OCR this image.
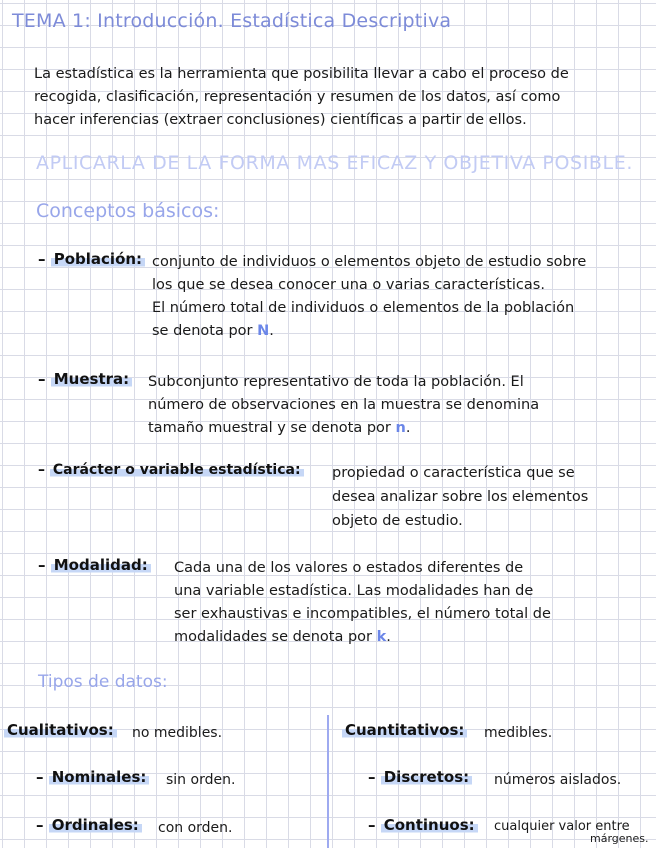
TEMA 1: Introducción. Estadística Descriptiva
La estadística es la herramienta que posibilita llevar a cabo el proceso de
recogida, clasificación, representación y resumen de los datos, así como
hacer inferencias (extraer conclusiones) científicas a partir de ellos.
APLICARLA DE LA FORMA MAS EFICAZ Y OBJETIVA POSIBLE.
Conceptos básicos:
– Población: conjunto de individuos o elementos objeto de estudio sobre
los que se desea conocer una o varias características.
El número total de individuos o elementos de la población
se denota por N.
– Muestra: Subconjunto representativo de toda la población. El
número de observaciones en la muestra se denomina
tamaño muestral y se denota por n.
– Carácter o variable estadística: propiedad o característica que se
desea analizar sobre los elementos
objeto de estudio.
– Modalidad: Cada una de los valores o estados diferentes de
una variable estadística. Las modalidades han de
ser exhaustivas e incompatibles, el número total de
modalidades se denota por k.
Tipos de datos:
Cualitativos: no medibles.
– Nominales: sin orden.
– Ordinales: con orden.
Cuantitativos: medibles.
– Discretos: números aislados.
– Continuos: cualquier valor entre
márgenes.
